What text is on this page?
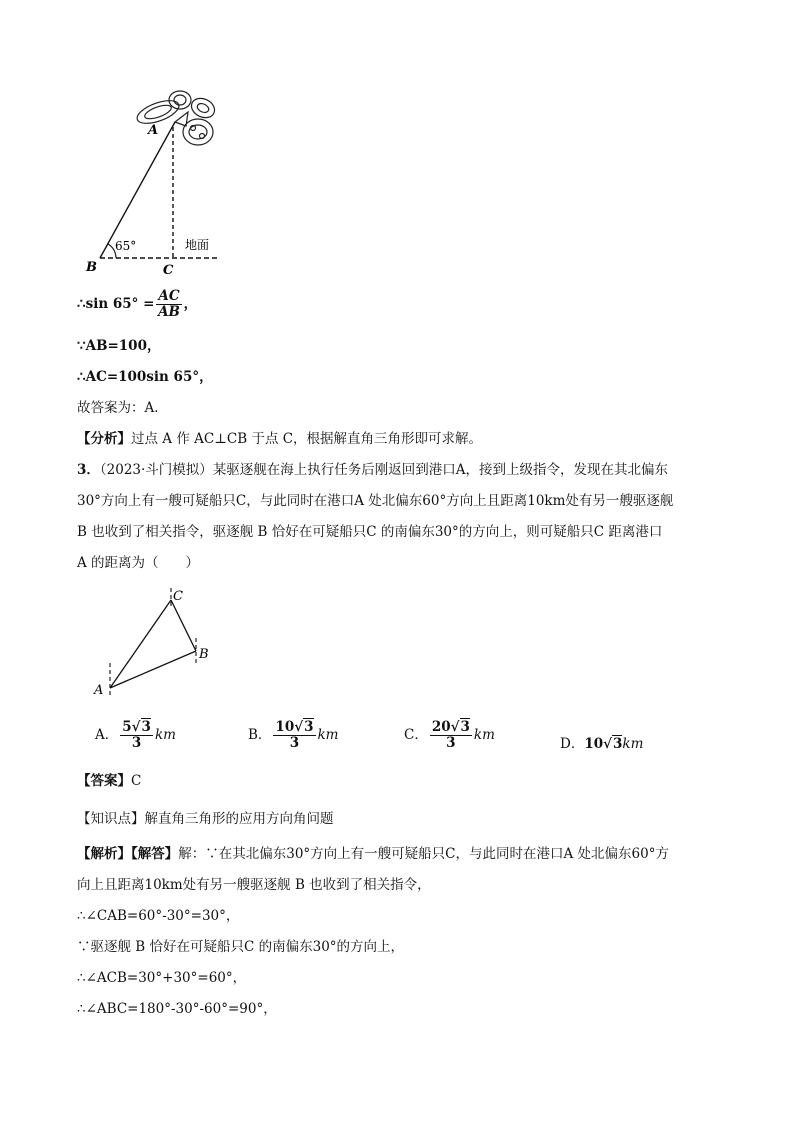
A
B	C
65°	地面
∴sin $65^\circ = \frac{AC}{AB}$ ，
∵AB=100，
∴AC=100sin 65°，
故答案为：A.
【分析】过点 A 作 AC⊥CB 于点 C，根据解直角三角形即可求解。
3．（2023·斗门模拟）某驱逐舰在海上执行任务后刚返回到港口A，接到上级指令，发现在其北偏东
30°方向上有一艘可疑船只C，与此同时在港口A 处北偏东60°方向上且距离10km处有另一艘驱逐舰
B 也收到了相关指令，驱逐舰 B 恰好在可疑船只C 的南偏东30°的方向上，则可疑船只C 距离港口
A 的距离为（　　）
C
B
A
A． $\frac{5√3}{3}$ km	B． $\frac{10√3}{3}$ km	C． $\frac{20√3}{3}$ km
D．10√3km
【答案】C
【知识点】解直角三角形的应用方向角问题
【解析】【解答】解：∵在其北偏东30°方向上有一艘可疑船只C，与此同时在港口A 处北偏东60°方
向上且距离10km处有另一艘驱逐舰 B 也收到了相关指令，
∴∠CAB=60°-30°=30°，
∵驱逐舰 B 恰好在可疑船只C 的南偏东30°的方向上，
∴∠ACB=30°+30°=60°，
∴∠ABC=180°-30°-60°=90°，
